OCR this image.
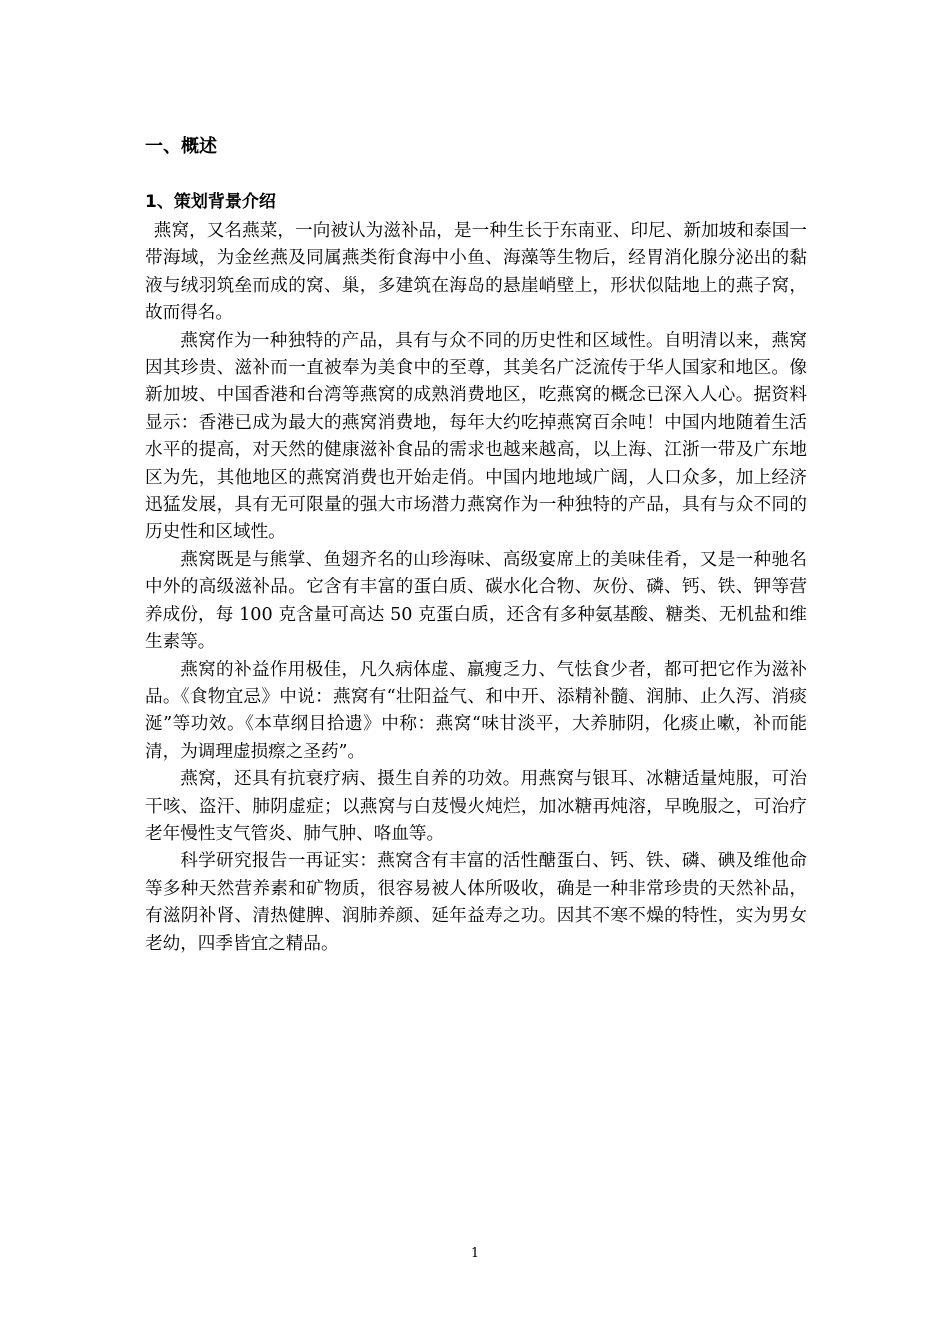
一、概述
1、策划背景介绍

燕窝，又名燕菜，一向被认为滋补品，是一种生长于东南亚、印尼、新加坡和泰国一带海域，为金丝燕及同属燕类衔食海中小鱼、海藻等生物后，经胃消化腺分泌出的黏液与绒羽筑垒而成的窝、巢，多建筑在海岛的悬崖峭壁上，形状似陆地上的燕子窝，故而得名。

燕窝作为一种独特的产品，具有与众不同的历史性和区域性。自明清以来，燕窝因其珍贵、滋补而一直被奉为美食中的至尊，其美名广泛流传于华人国家和地区。像新加坡、中国香港和台湾等燕窝的成熟消费地区，吃燕窝的概念已深入人心。据资料显示：香港已成为最大的燕窝消费地，每年大约吃掉燕窝百余吨！中国内地随着生活水平的提高，对天然的健康滋补食品的需求也越来越高，以上海、江浙一带及广东地区为先，其他地区的燕窝消费也开始走俏。中国内地地域广阔，人口众多，加上经济迅猛发展，具有无可限量的强大市场潜力燕窝作为一种独特的产品，具有与众不同的历史性和区域性。

燕窝既是与熊掌、鱼翅齐名的山珍海味、高级宴席上的美味佳肴，又是一种驰名中外的高级滋补品。它含有丰富的蛋白质、碳水化合物、灰份、磷、钙、铁、钾等营养成份，每 100 克含量可高达 50 克蛋白质，还含有多种氨基酸、糖类、无机盐和维生素等。

燕窝的补益作用极佳，凡久病体虚、羸瘦乏力、气怯食少者，都可把它作为滋补品。《食物宜忌》中说：燕窝有“壮阳益气、和中开、添精补髓、润肺、止久泻、消痰涎”等功效。《本草纲目拾遗》中称：燕窝“味甘淡平，大养肺阴，化痰止嗽，补而能清，为调理虚损瘵之圣药”。

燕窝，还具有抗衰疗病、摄生自养的功效。用燕窝与银耳、冰糖适量炖服，可治干咳、盗汗、肺阴虚症；以燕窝与白芨慢火炖烂，加冰糖再炖溶，早晚服之，可治疗老年慢性支气管炎、肺气肿、咯血等。

科学研究报告一再证实：燕窝含有丰富的活性醣蛋白、钙、铁、磷、碘及维他命等多种天然营养素和矿物质，很容易被人体所吸收，确是一种非常珍贵的天然补品，有滋阴补肾、清热健脾、润肺养颜、延年益寿之功。因其不寒不燥的特性，实为男女老幼，四季皆宜之精品。

1
